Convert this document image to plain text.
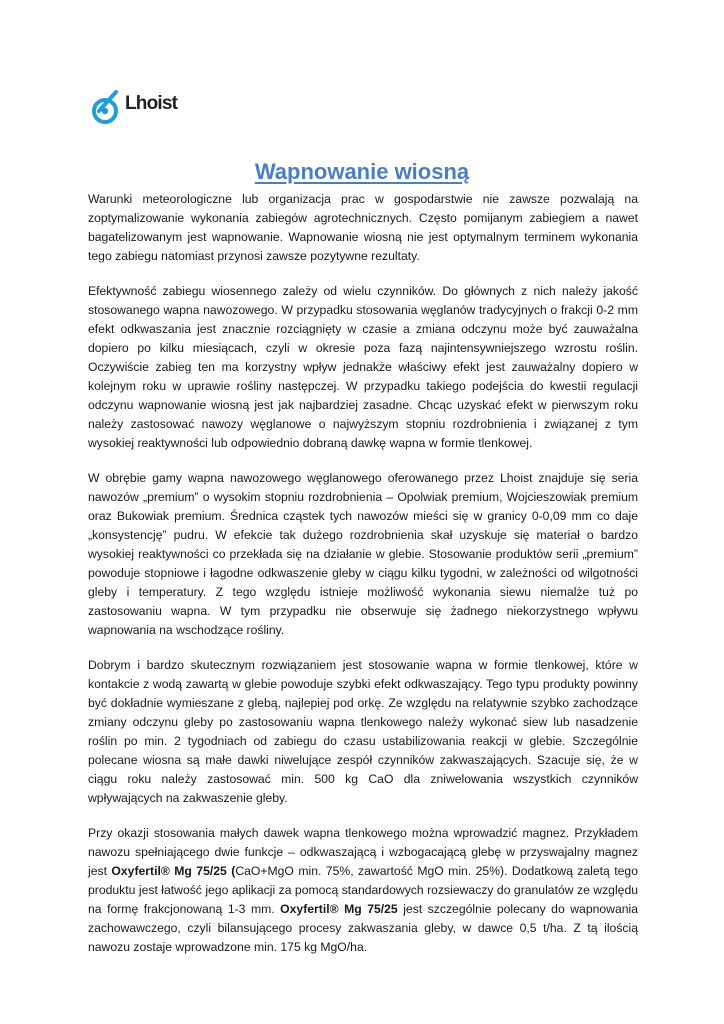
Lhoist
Wapnowanie wiosną

Warunki meteorologiczne lub organizacja prac w gospodarstwie nie zawsze pozwalają na zoptymalizowanie wykonania zabiegów agrotechnicznych. Często pomijanym zabiegiem a nawet bagatelizowanym jest wapnowanie. Wapnowanie wiosną nie jest optymalnym terminem wykonania tego zabiegu natomiast przynosi zawsze pozytywne rezultaty.

Efektywność zabiegu wiosennego zależy od wielu czynników. Do głównych z nich należy jakość stosowanego wapna nawozowego. W przypadku stosowania węglanów tradycyjnych o frakcji 0-2 mm efekt odkwaszania jest znacznie rozciągnięty w czasie a zmiana odczynu może być zauważalna dopiero po kilku miesiącach, czyli w okresie poza fazą najintensywniejszego wzrostu roślin. Oczywiście zabieg ten ma korzystny wpływ jednakże właściwy efekt jest zauważalny dopiero w kolejnym roku w uprawie rośliny następczej. W przypadku takiego podejścia do kwestii regulacji odczynu wapnowanie wiosną jest jak najbardziej zasadne. Chcąc uzyskać efekt w pierwszym roku należy zastosować nawozy węglanowe o najwyższym stopniu rozdrobnienia i związanej z tym wysokiej reaktywności lub odpowiednio dobraną dawkę wapna w formie tlenkowej.

W obrębie gamy wapna nawozowego węglanowego oferowanego przez Lhoist znajduje się seria nawozów „premium” o wysokim stopniu rozdrobnienia – Opolwiak premium, Wojcieszowiak premium oraz Bukowiak premium. Średnica cząstek tych nawozów mieści się w granicy 0-0,09 mm co daje „konsystencję” pudru. W efekcie tak dużego rozdrobnienia skał uzyskuje się materiał o bardzo wysokiej reaktywności co przekłada się na działanie w glebie. Stosowanie produktów serii „premium” powoduje stopniowe i łagodne odkwaszenie gleby w ciągu kilku tygodni, w zależności od wilgotności gleby i temperatury. Z tego względu istnieje możliwość wykonania siewu niemalże tuż po zastosowaniu wapna. W tym przypadku nie obserwuje się żadnego niekorzystnego wpływu wapnowania na wschodzące rośliny.

Dobrym i bardzo skutecznym rozwiązaniem jest stosowanie wapna w formie tlenkowej, które w kontakcie z wodą zawartą w glebie powoduje szybki efekt odkwaszający. Tego typu produkty powinny być dokładnie wymieszane z glebą, najlepiej pod orkę. Ze względu na relatywnie szybko zachodzące zmiany odczynu gleby po zastosowaniu wapna tlenkowego należy wykonać siew lub nasadzenie roślin po min. 2 tygodniach od zabiegu do czasu ustabilizowania reakcji w glebie. Szczególnie polecane wiosna są małe dawki niwelujące zespół czynników zakwaszających. Szacuje się, że w ciągu roku należy zastosować min. 500 kg CaO dla zniwelowania wszystkich czynników wpływających na zakwaszenie gleby.

Przy okazji stosowania małych dawek wapna tlenkowego można wprowadzić magnez. Przykładem nawozu spełniającego dwie funkcje – odkwaszającą i wzbogacającą glebę w przyswajalny magnez jest Oxyfertil® Mg 75/25 (CaO+MgO min. 75%, zawartość MgO min. 25%). Dodatkową zaletą tego produktu jest łatwość jego aplikacji za pomocą standardowych rozsiewaczy do granulatów ze względu na formę frakcjonowaną 1-3 mm. Oxyfertil® Mg 75/25 jest szczególnie polecany do wapnowania zachowawczego, czyli bilansującego procesy zakwaszania gleby, w dawce 0,5 t/ha. Z tą ilością nawozu zostaje wprowadzone min. 175 kg MgO/ha.
